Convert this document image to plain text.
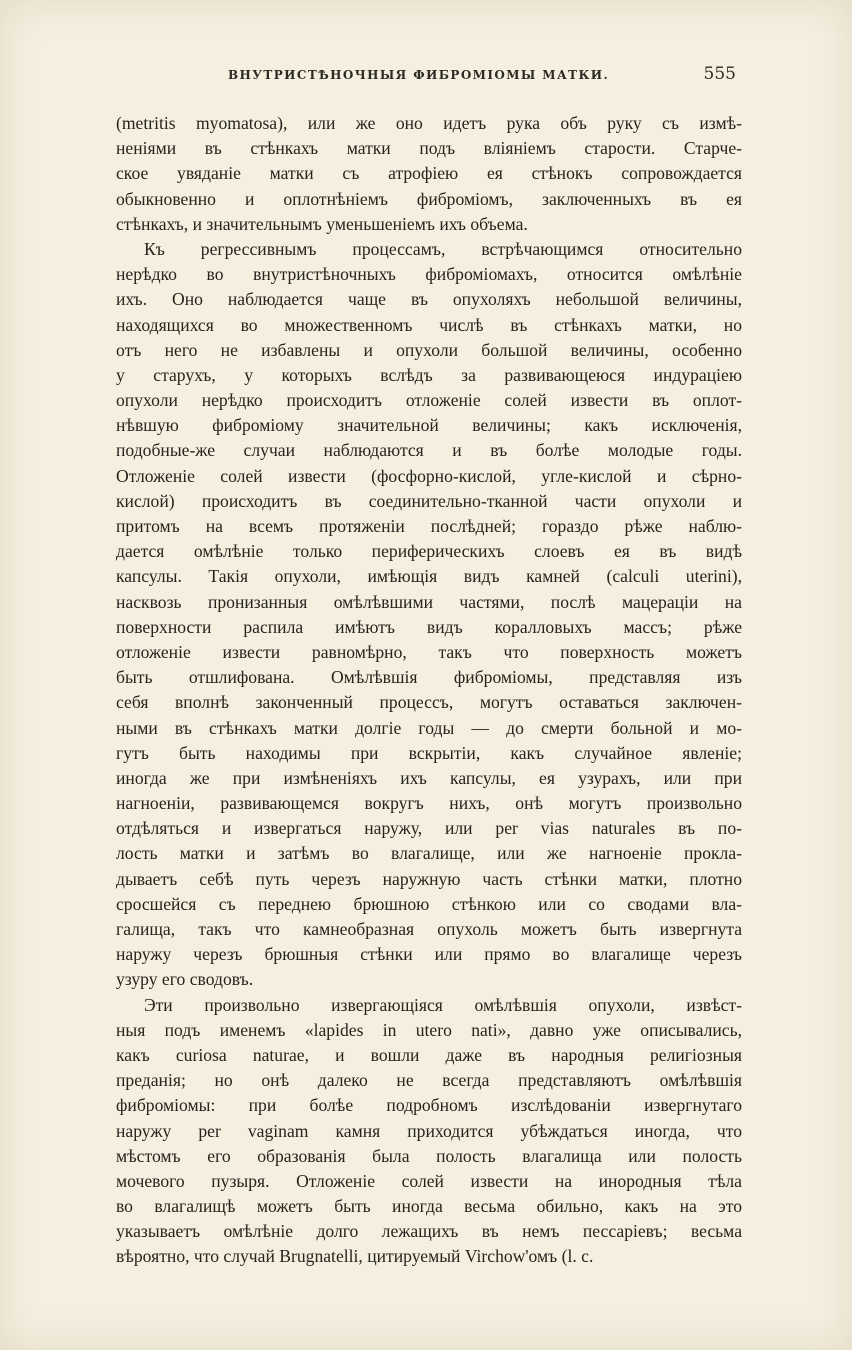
ВНУТРИСТѢНОЧНЫЯ ФИБРОМІОМЫ МАТКИ.	555
(metritis myomatosa), или же оно идетъ рука объ руку съ измѣ-
неніями въ стѣнкахъ матки подъ вліяніемъ старости. Старче-
ское увяданіе матки съ атрофіею ея стѣнокъ сопровождается
обыкновенно и оплотнѣніемъ фибромiомъ, заключенныхъ въ ея
стѣнкахъ, и значительнымъ уменьшеніемъ ихъ объема.
Къ регрессивнымъ процессамъ, встрѣчающимся относительно
нерѣдко во внутристѣночныхъ фибромiомахъ, относится омѣлѣніе
ихъ. Оно наблюдается чаще въ опухоляхъ небольшой величины,
находящихся во множественномъ числѣ въ стѣнкахъ матки, но
отъ него не избавлены и опухоли большой величины, особенно
у старухъ, у которыхъ вслѣдъ за развивающеюся индураціею
опухоли нерѣдко происходитъ отложеніе солей извести въ оплот-
нѣвшую фибромiому значительной величины; какъ исключенія,
подобные-же случаи наблюдаются и въ болѣе молодые годы.
Отложеніе солей извести (фосфорно-кислой, угле-кислой и сѣрно-
кислой) происходитъ въ соединительно-тканной части опухоли и
притомъ на всемъ протяженіи послѣдней; гораздо рѣже наблю-
дается омѣлѣніе только периферическихъ слоевъ ея въ видѣ
капсулы. Такія опухоли, имѣющія видъ камней (calculi uterini),
насквозь пронизанныя омѣлѣвшими частями, послѣ мацераціи на
поверхности распила имѣютъ видъ коралловыхъ массъ; рѣже
отложеніе извести равномѣрно, такъ что поверхность можетъ
быть отшлифована. Омѣлѣвшія фибромiомы, представляя изъ
себя вполнѣ законченный процессъ, могутъ оставаться заключен-
ными въ стѣнкахъ матки долгіе годы — до смерти больной и мо-
гутъ быть находимы при вскрытіи, какъ случайное явленіе;
иногда же при измѣненіяхъ ихъ капсулы, ея узурахъ, или при
нагноеніи, развивающемся вокругъ нихъ, онѣ могутъ произвольно
отдѣляться и извергаться наружу, или per vias naturales въ по-
лость матки и затѣмъ во влагалище, или же нагноеніе прокла-
дываетъ себѣ путь черезъ наружную часть стѣнки матки, плотно
сросшейся съ переднею брюшною стѣнкою или со сводами вла-
галища, такъ что камнеобразная опухоль можетъ быть извергнута
наружу черезъ брюшныя стѣнки или прямо во влагалище черезъ
узуру его сводовъ.
Эти произвольно извергающіяся омѣлѣвшія опухоли, извѣст-
ныя подъ именемъ «lapides in utero nati», давно уже описывались,
какъ curiosa naturae, и вошли даже въ народныя религiозныя
преданія; но онѣ далеко не всегда представляютъ омѣлѣвшія
фибромiомы: при болѣе подробномъ изслѣдованіи извергнутаго
наружу per vaginam камня приходится убѣждаться иногда, что
мѣстомъ его образованія была полость влагалища или полость
мочевого пузыря. Отложеніе солей извести на инородныя тѣла
во влагалищѣ можетъ быть иногда весьма обильно, какъ на это
указываетъ омѣлѣніе долго лежащихъ въ немъ пессаріевъ; весьма
вѣроятно, что случай Brugnatelli, цитируемый Virchow'омъ (l. c.
